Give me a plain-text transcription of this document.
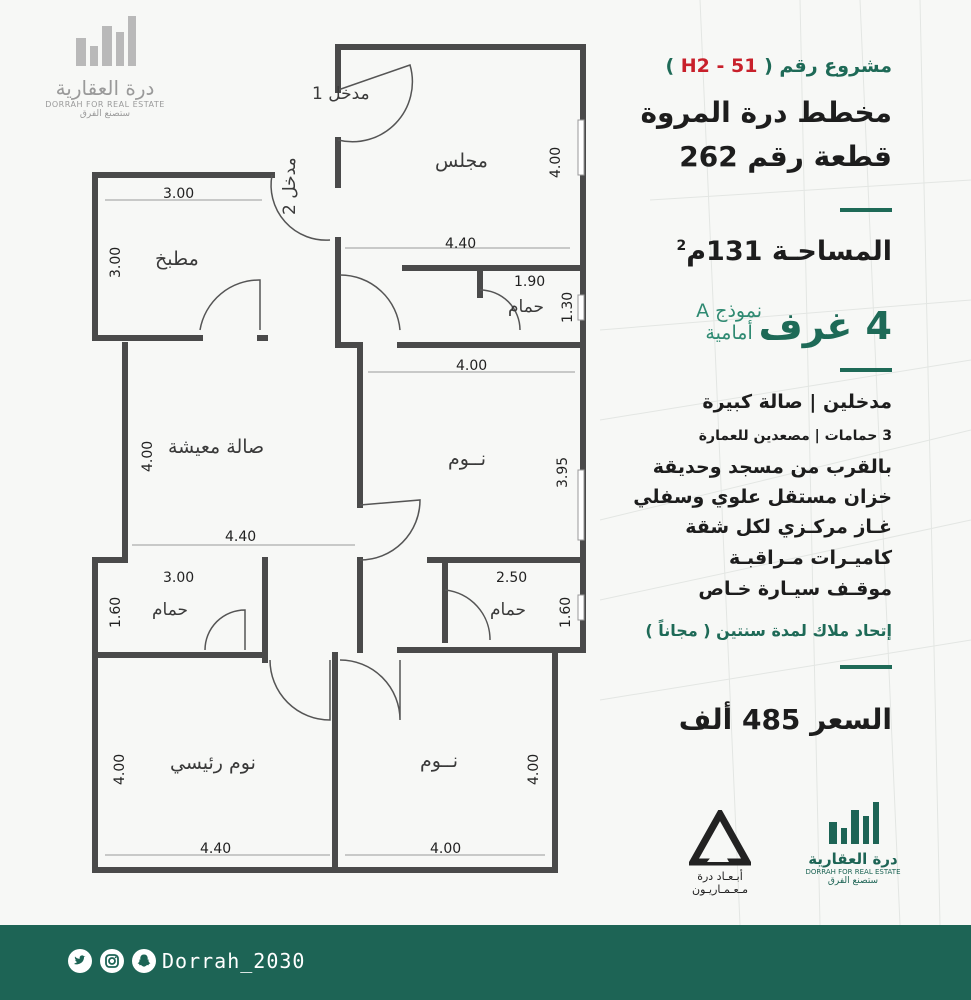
درة العقارية
DORRAH FOR REAL ESTATE
ستصنع الفرق
مدخل 1
مدخل 2	مجلس
مطبخ
حمام
صالة معيشة
نــوم
حمام	حمام
نوم رئيسي	نــوم
4.00
4.40
3.00
3.00
1.90
1.30
4.00
3.95
4.00
4.40
3.00
1.60
2.50
1.60
4.00
4.40	4.00
4.00
مشروع رقم ( H2 - 51 )
مخطط درة المروة
قطعة رقم 262
المساحـة 131م$^2$
4 غرف
نموذج A
أمامية
مدخلين | صالة كبيرة
3 حمامات | مصعدين للعمارة
بالقرب من مسجد وحديقة
خزان مستقل علوي وسفلي
غـاز مركـزي لكل شقة
كاميـرات مـراقبـة
موقـف سيـارة خـاص
إتحاد ملاك لمدة سنتين ( مجاناً )
السعر 485 ألف
أبـعـاد درة
مـعـمـاريـون
درة العقارية
DORRAH FOR REAL ESTATE
ستصنع الفرق
Dorrah_2030
